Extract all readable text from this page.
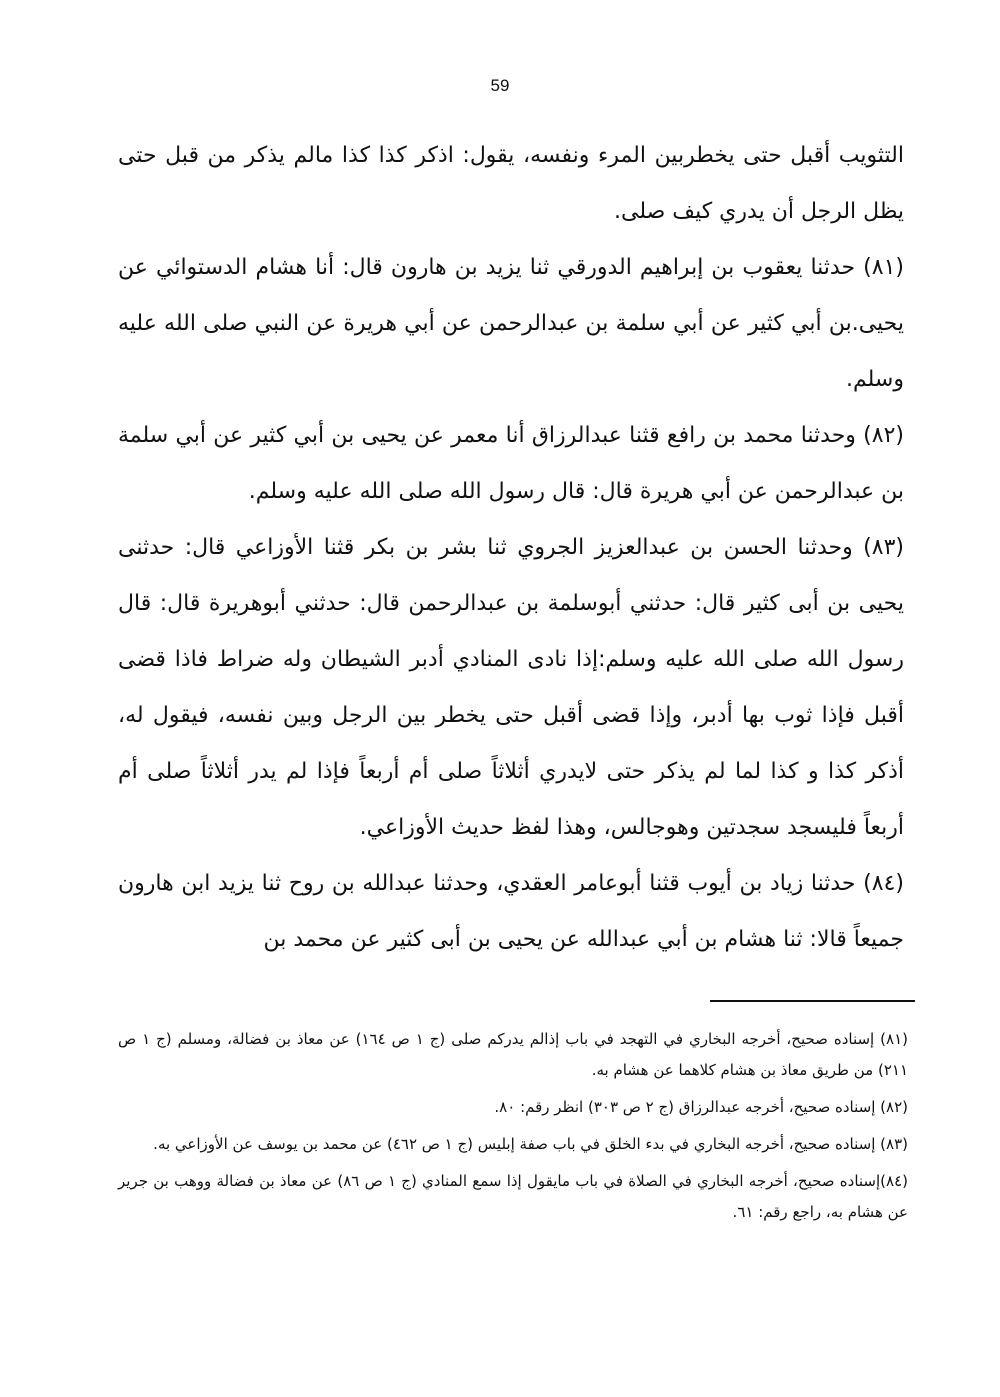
59

التثويب أقبل حتى يخطربين المرء ونفسه، يقول: اذكر كذا كذا مالم يذكر من قبل حتى يظل الرجل أن يدري كيف صلى.

(٨١) حدثنا يعقوب بن إبراهيم الدورقي ثنا يزيد بن هارون قال: أنا هشام الدستوائي عن يحيى.بن أبي كثير عن أبي سلمة بن عبدالرحمن عن أبي هريرة عن النبي صلى الله عليه وسلم.

(٨٢) وحدثنا محمد بن رافع قثنا عبدالرزاق أنا معمر عن يحيى بن أبي كثير عن أبي سلمة بن عبدالرحمن عن أبي هريرة قال: قال رسول الله صلى الله عليه وسلم.

(٨٣) وحدثنا الحسن بن عبدالعزيز الجروي ثنا بشر بن بكر قثنا الأوزاعي قال: حدثنى يحيى بن أبى كثير قال: حدثني أبوسلمة بن عبدالرحمن قال: حدثني أبوهريرة قال: قال رسول الله صلى الله عليه وسلم:إذا نادى المنادي أدبر الشيطان وله ضراط فاذا قضى أقبل فإذا ثوب بها أدبر، وإذا قضى أقبل حتى يخطر بين الرجل وبين نفسه، فيقول له، أذكر كذا و كذا لما لم يذكر حتى لايدري أثلاثاً صلى أم أربعاً فإذا لم يدر أثلاثاً صلى أم أربعاً فليسجد سجدتين وهوجالس، وهذا لفظ حديث الأوزاعي.

(٨٤) حدثنا زياد بن أيوب قثنا أبوعامر العقدي، وحدثنا عبدالله بن روح ثنا يزيد ابن هارون جميعاً قالا: ثنا هشام بن أبي عبدالله عن يحيى بن أبى كثير عن محمد بن

(٨١) إسناده صحيح، أخرجه البخاري في التهجد في باب إذالم يدركم صلى (ج ١ ص ١٦٤) عن معاذ بن فضالة، ومسلم (ج ١ ص ٢١١) من طريق معاذ بن هشام كلاهما عن هشام به.

(٨٢) إسناده صحيح، أخرجه عبدالرزاق (ج ٢ ص ٣٠٣) انظر رقم: ٨٠.

(٨٣) إسناده صحيح، أخرجه البخاري في بدء الخلق في باب صفة إبليس (ج ١ ص ٤٦٢) عن محمد بن يوسف عن الأوزاعي به.

(٨٤)إسناده صحيح، أخرجه البخاري في الصلاة في باب مايقول إذا سمع المنادي (ج ١ ص ٨٦) عن معاذ بن فضالة ووهب بن جرير عن هشام به، راجع رقم: ٦١.
